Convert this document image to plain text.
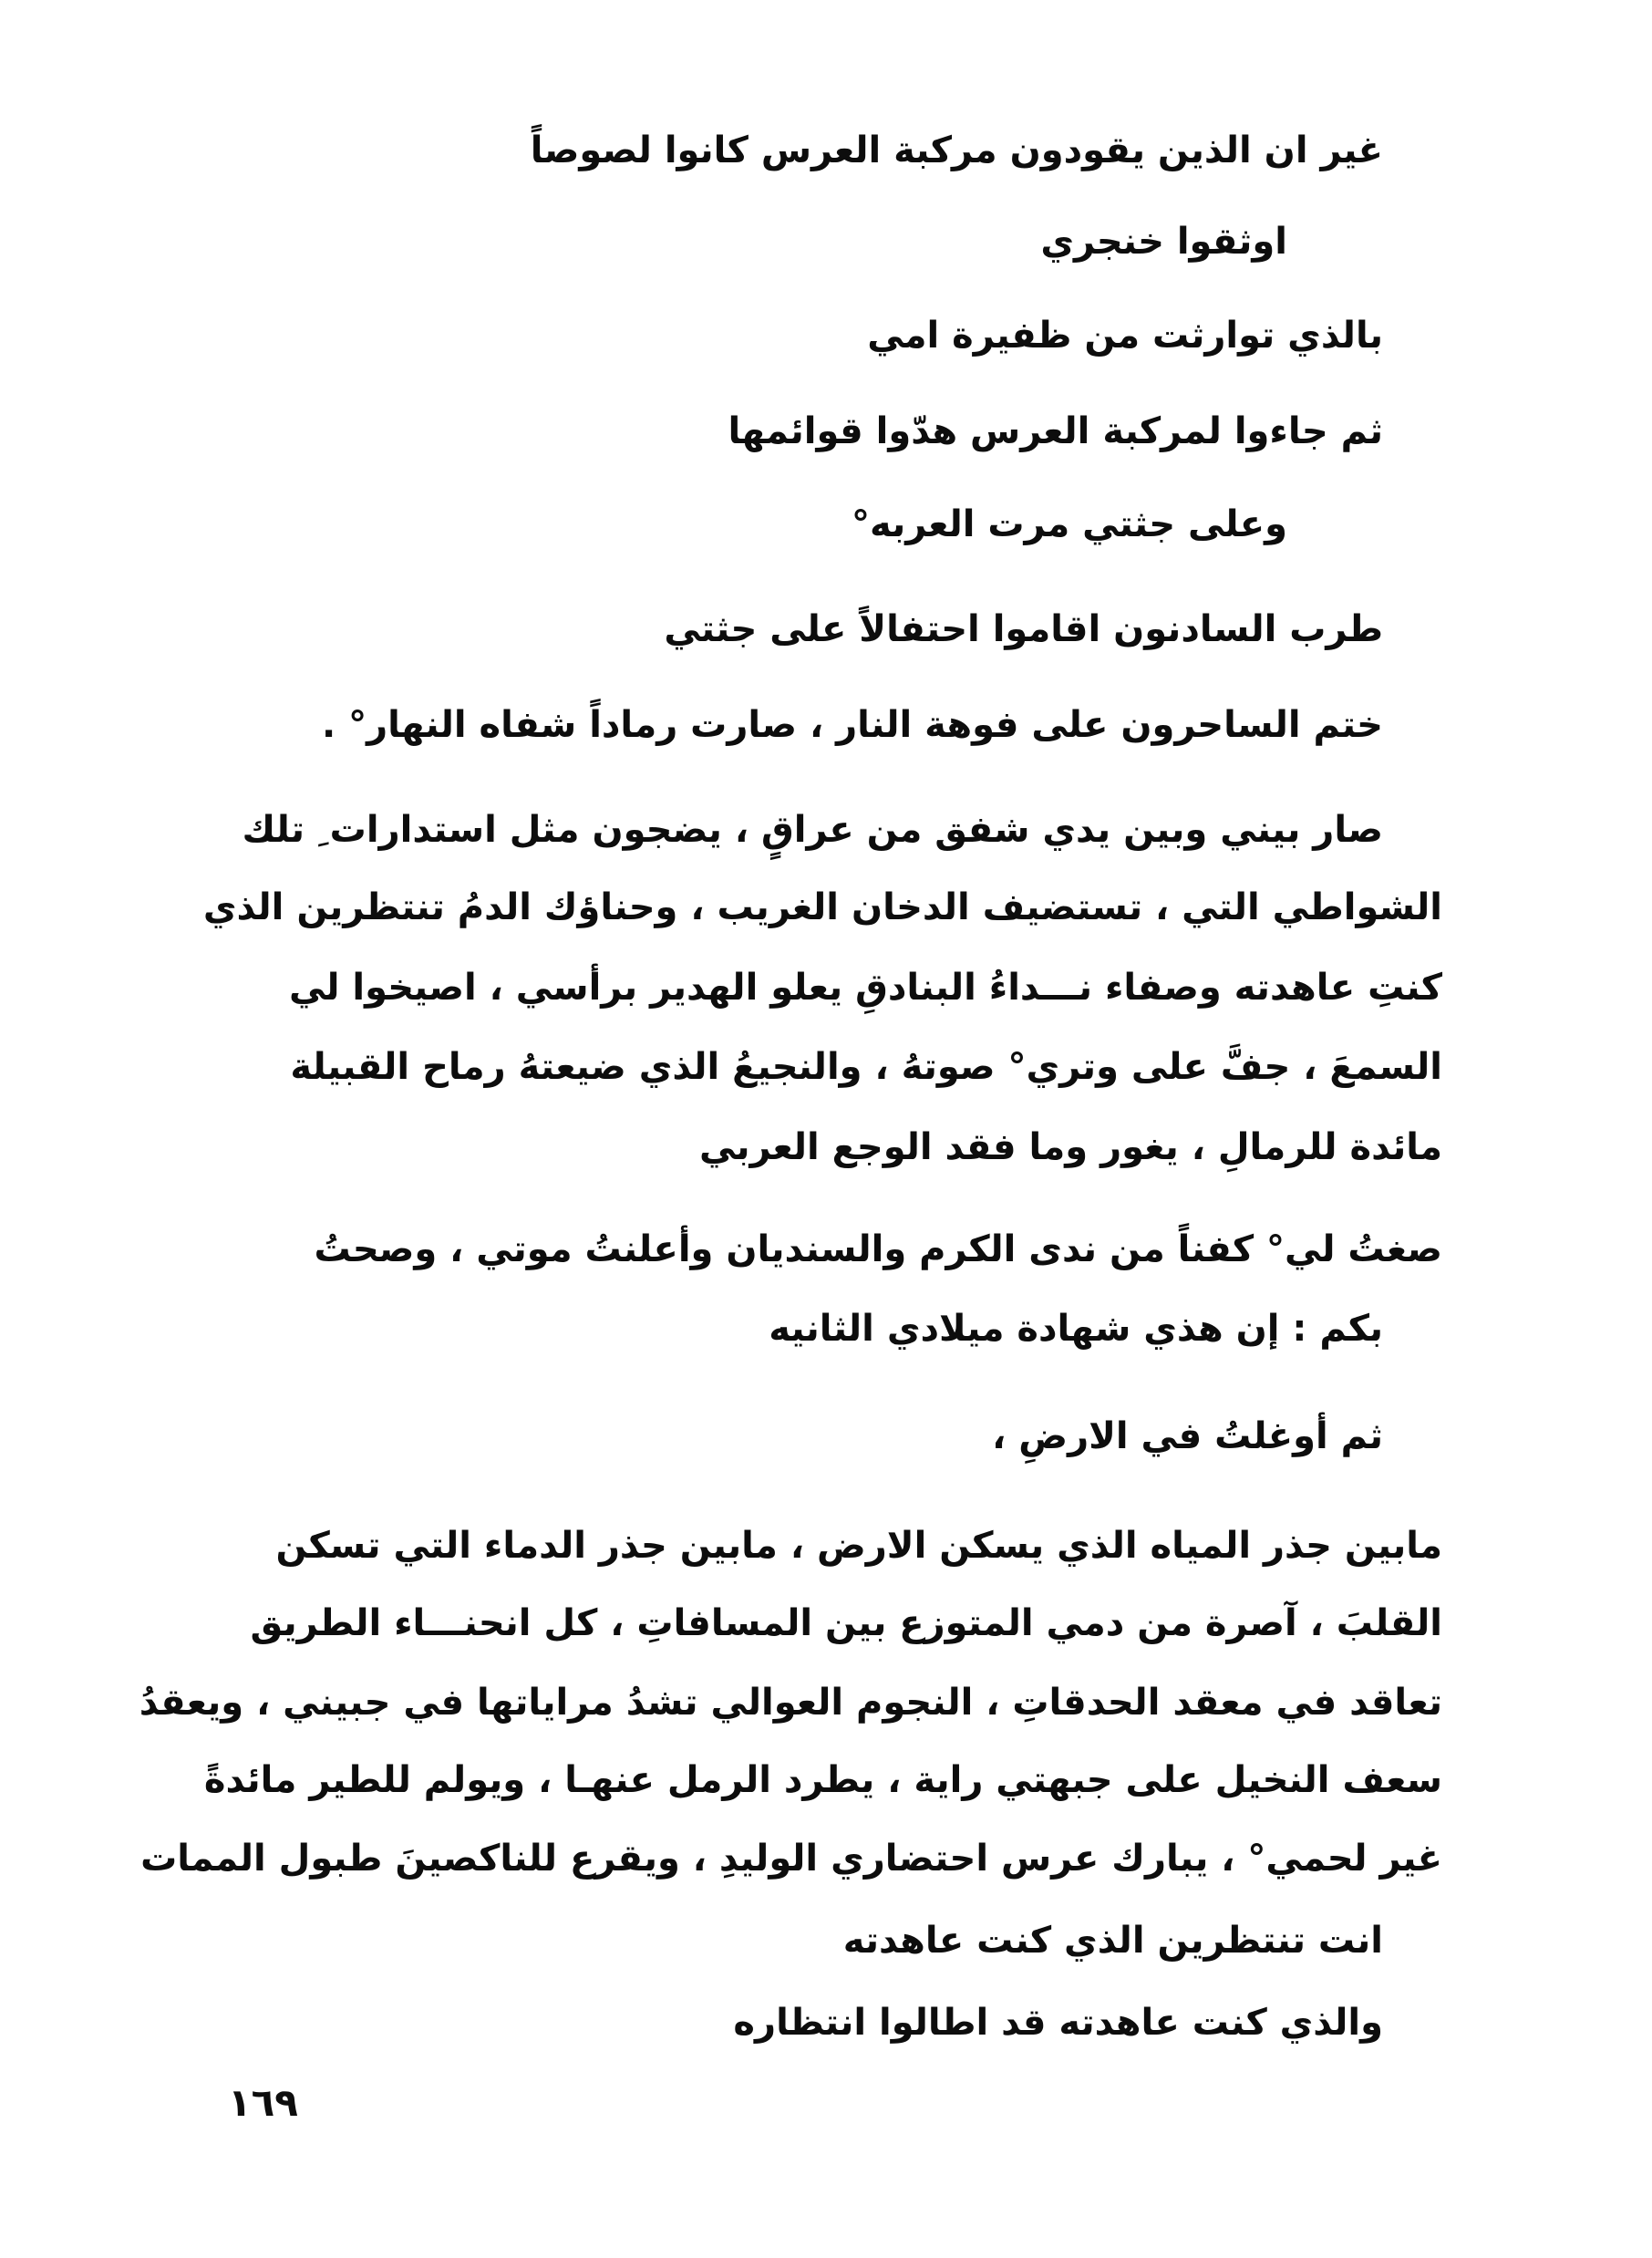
غير ان الذين يقودون مركبة العرس كانوا لصوصاً
اوثقوا خنجري
بالذي توارثت من ظفيرة امي
ثم جاءوا لمركبة العرس هدّوا قوائمها
وعلى جثتي مرت العربه°
طرب السادنون اقاموا احتفالاً على جثتي
ختم الساحرون على فوهة النار ، صارت رماداً شفاه النهار° .
صار بيني وبين يدي شفق من عراقٍ ، يضجون مثل استدارات ِ تلك
الشواطي التي ، تستضيف الدخان الغريب ، وحناؤك الدمُ تنتظرين الذي
كنتِ عاهدته وصفاء نـــداءُ البنادقِ يعلو الهدير برأسي ، اصيخوا لي
السمعَ ، جفَّ على وتري° صوتهُ ، والنجيعُ الذي ضيعتهُ رماح القبيلة
مائدة للرمالِ ، يغور وما فقد الوجع العربي
صغتُ لي° كفناً من ندى الكرم والسنديان وأعلنتُ موتي ، وصحتُ
بكم : إن هذي شهادة ميلادي الثانيه
ثم أوغلتُ في الارضِ ،
مابين جذر المياه الذي يسكن الارض ، مابين جذر الدماء التي تسكن
القلبَ ، آصرة من دمي المتوزع بين المسافاتِ ، كل انحنـــاء الطريق
تعاقد في معقد الحدقاتِ ، النجوم العوالي تشدُ مراياتها في جبيني ، ويعقدُ
سعف النخيل على جبهتي راية ، يطرد الرمل عنهـا ، ويولم للطير مائدةً
غير لحمي° ، يبارك عرس احتضاري الوليدِ ، ويقرع للناكصينَ طبول الممات
انت تنتظرين الذي كنت عاهدته
والذي كنت عاهدته قد اطالوا انتظاره
١٦٩
